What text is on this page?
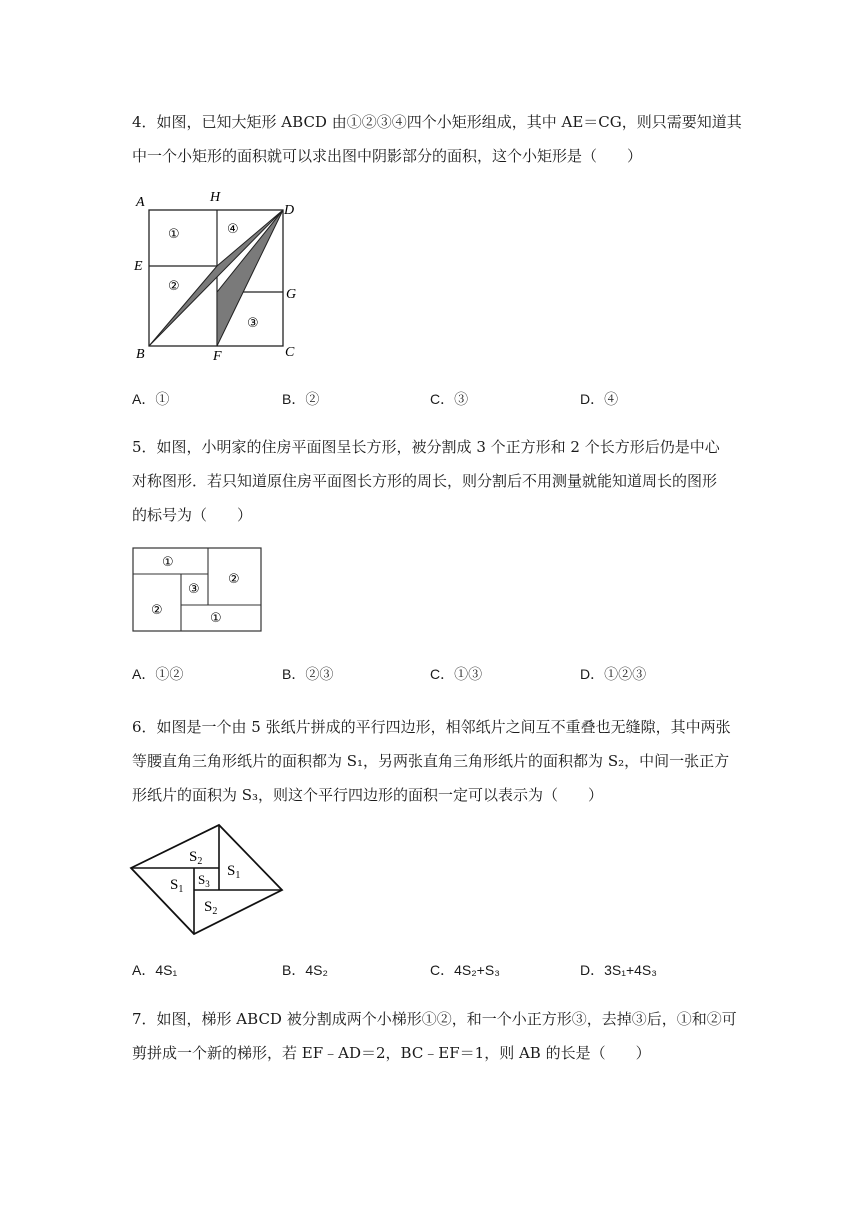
4．如图，已知大矩形 ABCD 由①②③④四个小矩形组成，其中 AE＝CG，则只需要知道其

中一个小矩形的面积就可以求出图中阴影部分的面积，这个小矩形是（　　）

A	H
D
E
G
B	F	C
①	④
②
③
A．①	B．②	C．③	D．④

5．如图，小明家的住房平面图呈长方形，被分割成 3 个正方形和 2 个长方形后仍是中心

对称图形．若只知道原住房平面图长方形的周长，则分割后不用测量就能知道周长的图形

的标号为（　　）

①
②
③
②
①
A．①②	B．②③	C．①③	D．①②③

6．如图是一个由 5 张纸片拼成的平行四边形，相邻纸片之间互不重叠也无缝隙，其中两张

等腰直角三角形纸片的面积都为 S₁，另两张直角三角形纸片的面积都为 S₂，中间一张正方

形纸片的面积为 S₃，则这个平行四边形的面积一定可以表示为（　　）

$S_2$
$S_1$
$S_1$
$S_3$
$S_2$
A．4S₁	B．4S₂	C．4S₂+S₃	D．3S₁+4S₃

7．如图，梯形 ABCD 被分割成两个小梯形①②，和一个小正方形③，去掉③后，①和②可

剪拼成一个新的梯形，若 EF﹣AD＝2，BC﹣EF＝1，则 AB 的长是（　　）
